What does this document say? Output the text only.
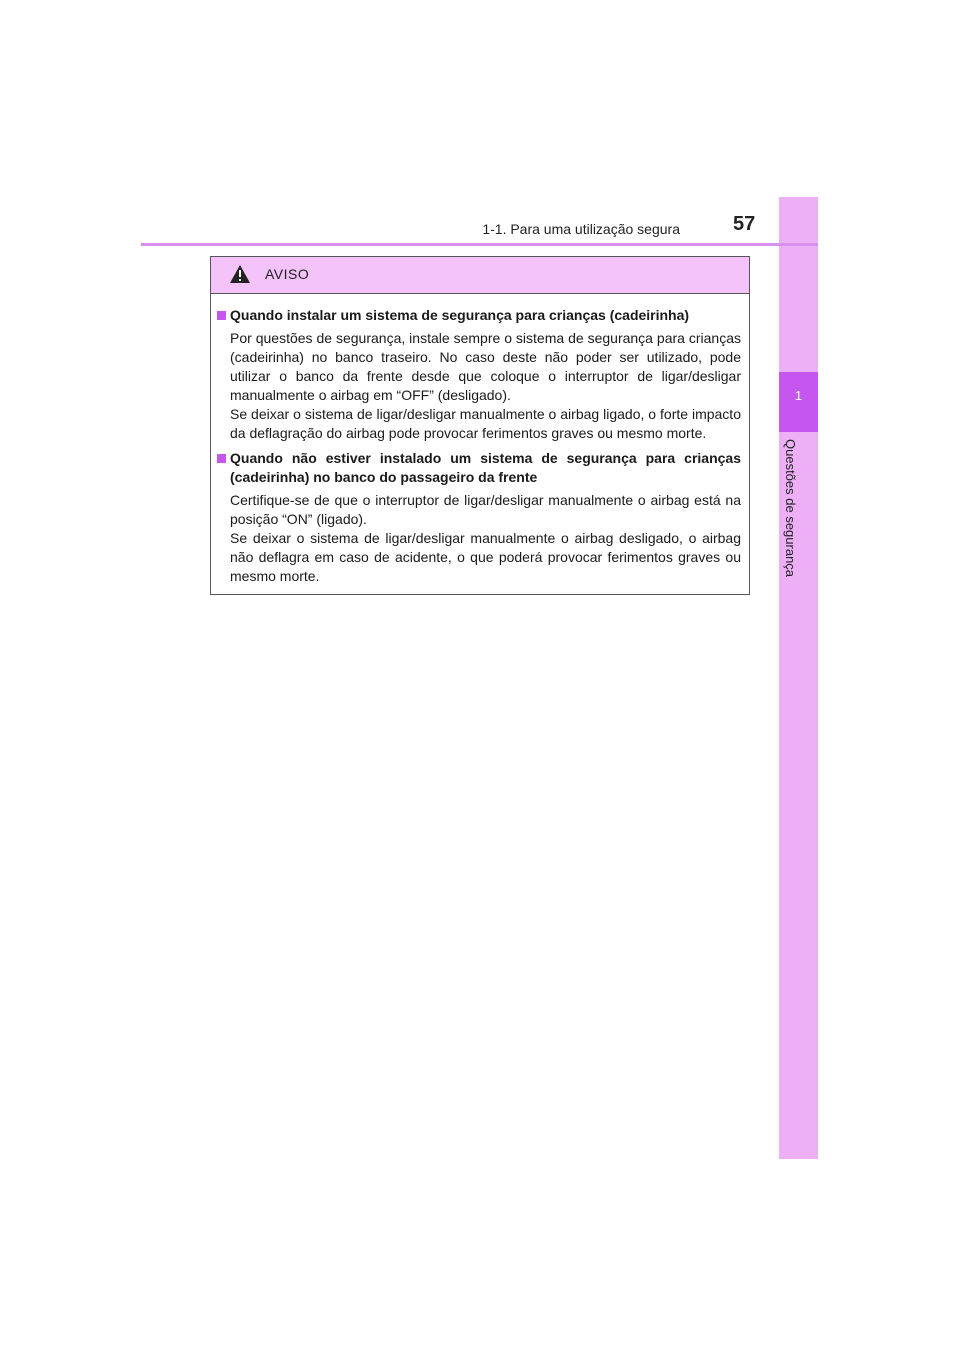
1
Questões de segurança
1-1. Para uma utilização segura	57
AVISO
Quando instalar um sistema de segurança para crianças (cadeirinha)
Por questões de segurança, instale sempre o sistema de segurança para crianças (cadeirinha) no banco traseiro. No caso deste não poder ser utilizado, pode utilizar o banco da frente desde que coloque o interruptor de ligar/desligar manualmente o airbag em “OFF” (desligado).
Se deixar o sistema de ligar/desligar manualmente o airbag ligado, o forte impacto da deflagração do airbag pode provocar ferimentos graves ou mesmo morte.
Quando não estiver instalado um sistema de segurança para crianças (cadeirinha) no banco do passageiro da frente
Certifique-se de que o interruptor de ligar/desligar manualmente o airbag está na posição “ON” (ligado).
Se deixar o sistema de ligar/desligar manualmente o airbag desligado, o airbag não deflagra em caso de acidente, o que poderá provocar ferimentos graves ou mesmo morte.
